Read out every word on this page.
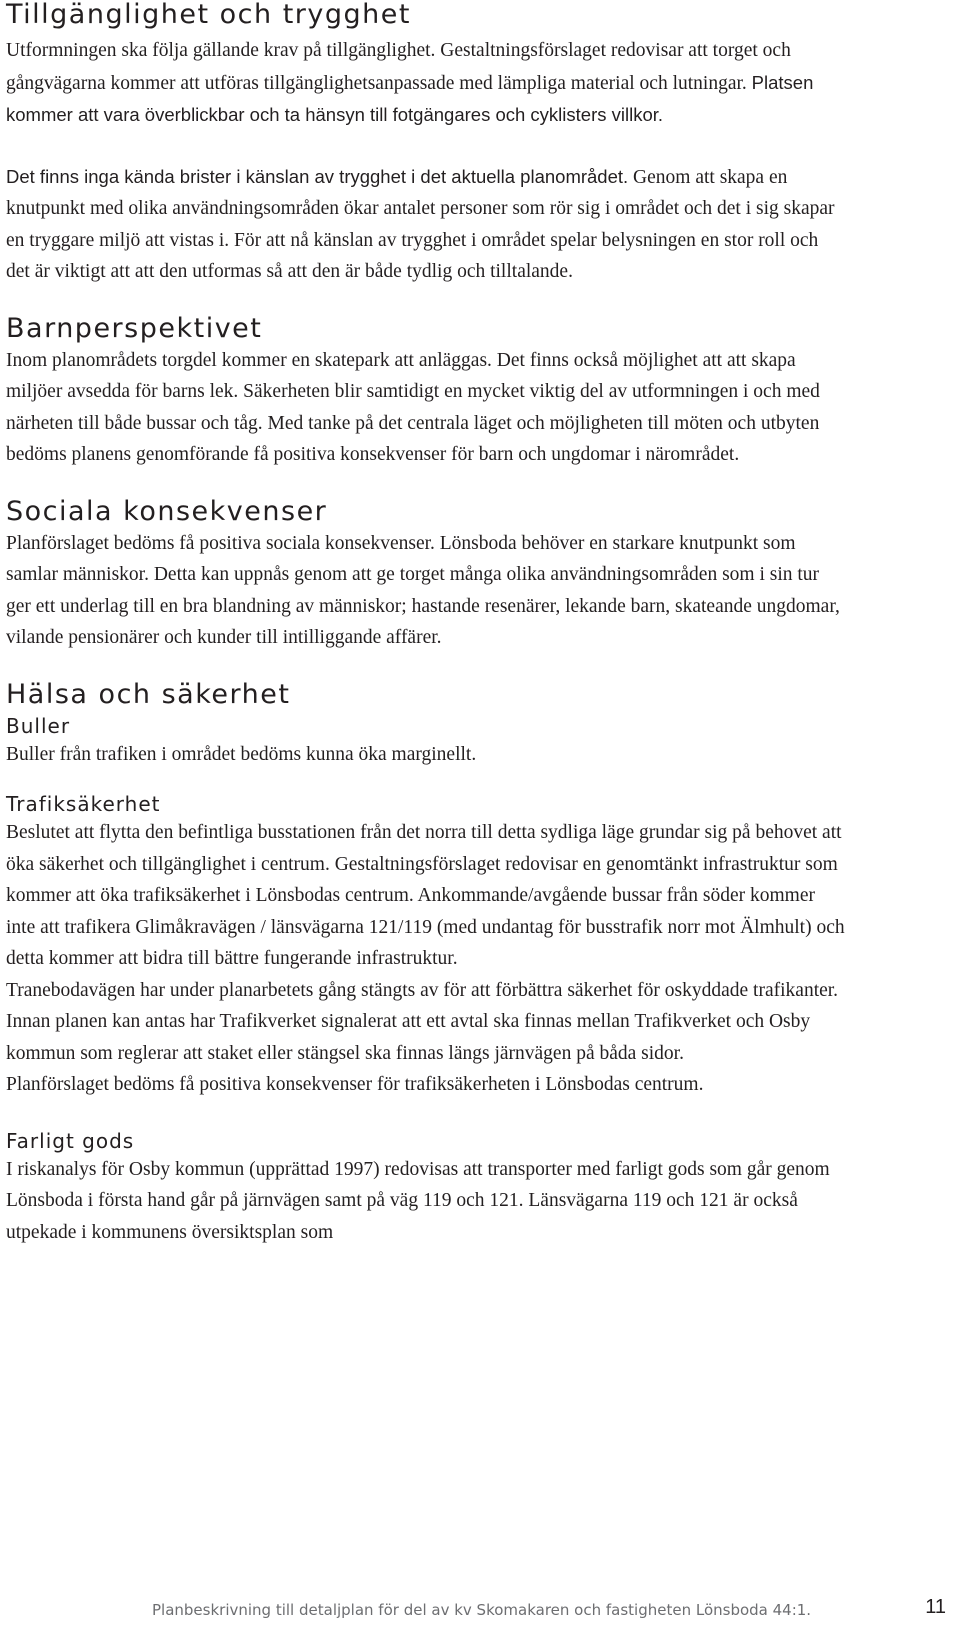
Tillgänglighet och trygghet

Utformningen ska följa gällande krav på tillgänglighet. Gestaltningsförslaget redovisar att torget och gångvägarna kommer att utföras tillgänglighetsanpassade med lämpliga material och lutningar. Platsen kommer att vara överblickbar och ta hänsyn till fotgängares och cyklisters villkor.

Det finns inga kända brister i känslan av trygghet i det aktuella planområdet. Genom att skapa en knutpunkt med olika användningsområden ökar antalet personer som rör sig i området och det i sig skapar en tryggare miljö att vistas i. För att nå känslan av trygghet i området spelar belysningen en stor roll och det är viktigt att att den utformas så att den är både tydlig och tilltalande.

Barnperspektivet

Inom planområdets torgdel kommer en skatepark att anläggas. Det finns också möjlighet att att skapa miljöer avsedda för barns lek. Säkerheten blir samtidigt en mycket viktig del av utformningen i och med närheten till både bussar och tåg. Med tanke på det centrala läget och möjligheten till möten och utbyten bedöms planens genomförande få positiva konsekvenser för barn och ungdomar i närområdet.

Sociala konsekvenser

Planförslaget bedöms få positiva sociala konsekvenser. Lönsboda behöver en starkare knutpunkt som samlar människor. Detta kan uppnås genom att ge torget många olika användningsområden som i sin tur ger ett underlag till en bra blandning av människor; hastande resenärer, lekande barn, skateande ungdomar, vilande pensionärer och kunder till intilliggande affärer.

Hälsa och säkerhet
Buller

Buller från trafiken i området bedöms kunna öka marginellt.

Trafiksäkerhet

Beslutet att flytta den befintliga busstationen från det norra till detta sydliga läge grundar sig på behovet att öka säkerhet och tillgänglighet i centrum. Gestaltningsförslaget redovisar en genomtänkt infrastruktur som kommer att öka trafiksäkerhet i Lönsbodas centrum. Ankommande/avgående bussar från söder kommer inte att trafikera Glimåkravägen / länsvägarna 121/119 (med undantag för busstrafik norr mot Älmhult) och detta kommer att bidra till bättre fungerande infrastruktur.

Tranebodavägen har under planarbetets gång stängts av för att förbättra säkerhet för oskyddade trafikanter. Innan planen kan antas har Trafikverket signalerat att ett avtal ska finnas mellan Trafikverket och Osby kommun som reglerar att staket eller stängsel ska finnas längs järnvägen på båda sidor.

Planförslaget bedöms få positiva konsekvenser för trafiksäkerheten i Lönsbodas centrum.

Farligt gods

I riskanalys för Osby kommun (upprättad 1997) redovisas att transporter med farligt gods som går genom Lönsboda i första hand går på järnvägen samt på väg 119 och 121. Länsvägarna 119 och 121 är också utpekade i kommunens översiktsplan som

Planbeskrivning till detaljplan för del av kv Skomakaren och fastigheten Lönsboda 44:1.	11
